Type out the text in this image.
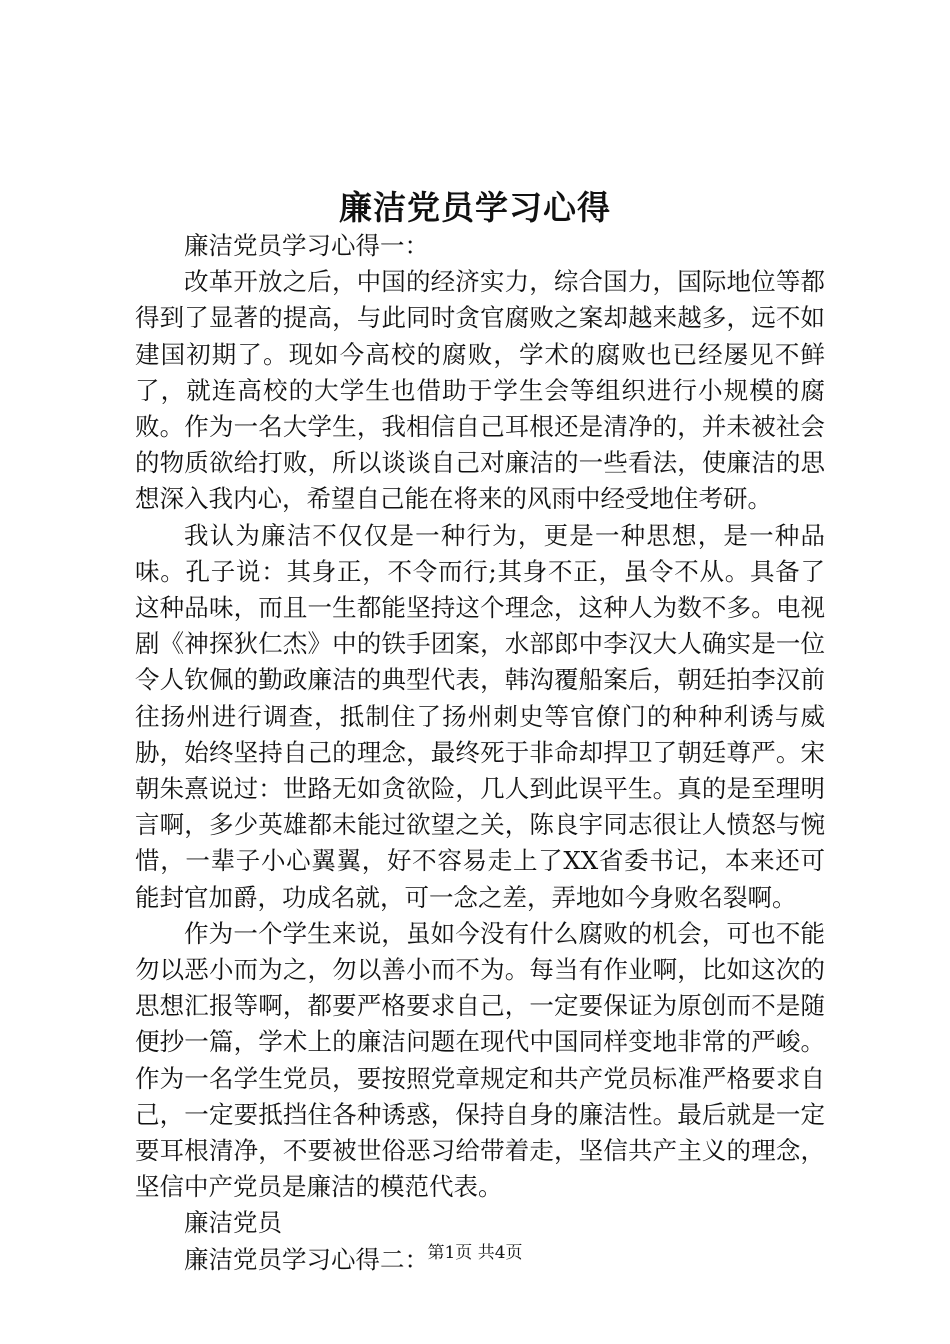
廉洁党员学习心得

廉洁党员学习心得一：

改革开放之后，中国的经济实力，综合国力，国际地位等都得到了显著的提高，与此同时贪官腐败之案却越来越多，远不如建国初期了。现如今高校的腐败，学术的腐败也已经屡见不鲜了，就连高校的大学生也借助于学生会等组织进行小规模的腐败。作为一名大学生，我相信自己耳根还是清净的，并未被社会的物质欲给打败，所以谈谈自己对廉洁的一些看法，使廉洁的思想深入我内心，希望自己能在将来的风雨中经受地住考研。

我认为廉洁不仅仅是一种行为，更是一种思想，是一种品味。孔子说：其身正，不令而行;其身不正，虽令不从。具备了这种品味，而且一生都能坚持这个理念，这种人为数不多。电视剧《神探狄仁杰》中的铁手团案，水部郎中李汉大人确实是一位令人钦佩的勤政廉洁的典型代表，韩沟覆船案后，朝廷拍李汉前往扬州进行调查，抵制住了扬州刺史等官僚门的种种利诱与威胁，始终坚持自己的理念，最终死于非命却捍卫了朝廷尊严。宋朝朱熹说过：世路无如贪欲险，几人到此误平生。真的是至理明言啊，多少英雄都未能过欲望之关，陈良宇同志很让人愤怒与惋惜，一辈子小心翼翼，好不容易走上了XX省委书记，本来还可能封官加爵，功成名就，可一念之差，弄地如今身败名裂啊。

作为一个学生来说，虽如今没有什么腐败的机会，可也不能勿以恶小而为之，勿以善小而不为。每当有作业啊，比如这次的思想汇报等啊，都要严格要求自己，一定要保证为原创而不是随便抄一篇，学术上的廉洁问题在现代中国同样变地非常的严峻。作为一名学生党员，要按照党章规定和共产党员标准严格要求自己，一定要抵挡住各种诱惑，保持自身的廉洁性。最后就是一定要耳根清净，不要被世俗恶习给带着走，坚信共产主义的理念，坚信中产党员是廉洁的模范代表。

廉洁党员

廉洁党员学习心得二：

第1页 共4页
